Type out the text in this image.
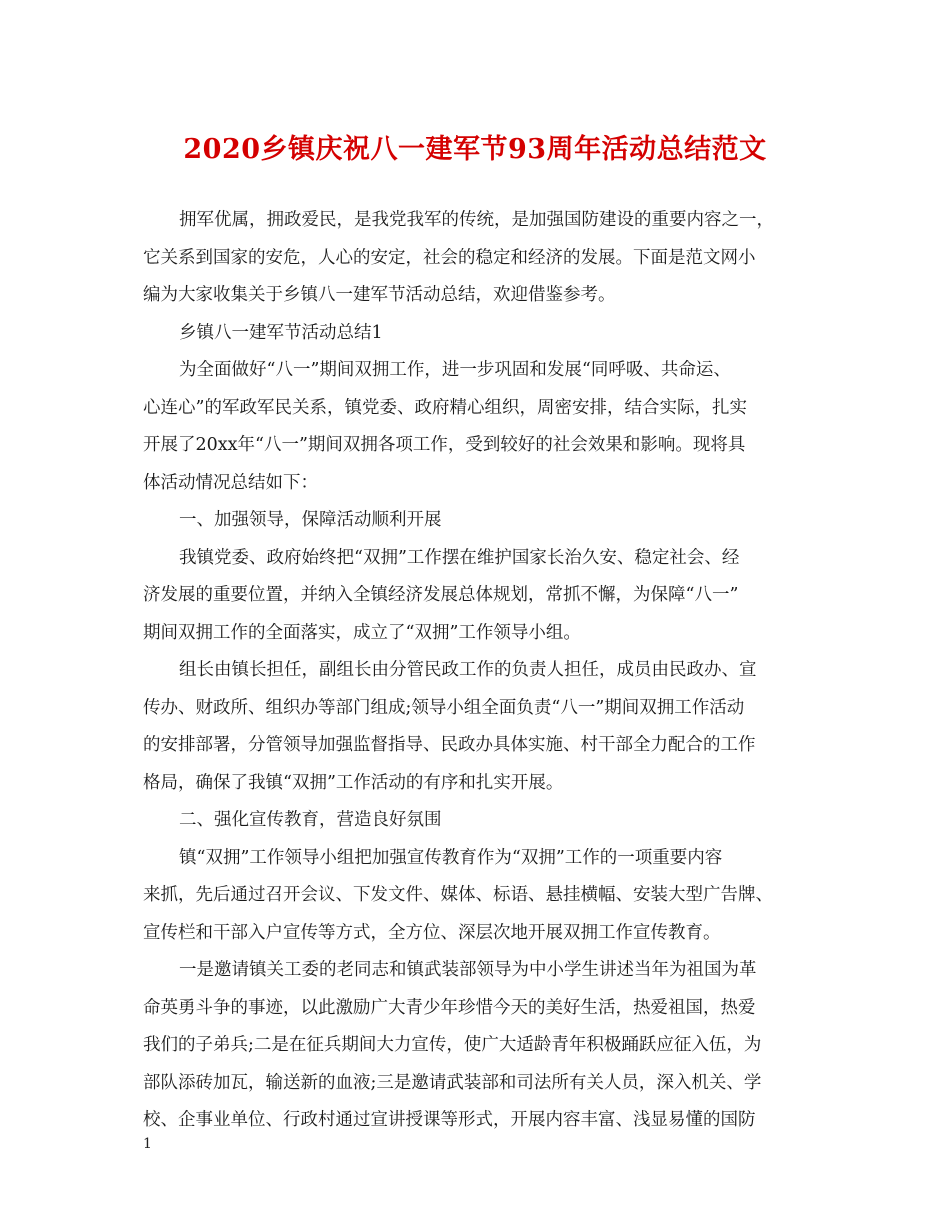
2020乡镇庆祝八一建军节93周年活动总结范文
拥军优属，拥政爱民，是我党我军的传统，是加强国防建设的重要内容之一，
它关系到国家的安危，人心的安定，社会的稳定和经济的发展。下面是范文网小
编为大家收集关于乡镇八一建军节活动总结，欢迎借鉴参考。
乡镇八一建军节活动总结1
为全面做好“八一”期间双拥工作，进一步巩固和发展“同呼吸、共命运、
心连心”的军政军民关系，镇党委、政府精心组织，周密安排，结合实际，扎实
开展了20xx年“八一”期间双拥各项工作，受到较好的社会效果和影响。现将具
体活动情况总结如下：
一、加强领导，保障活动顺利开展
我镇党委、政府始终把“双拥”工作摆在维护国家长治久安、稳定社会、经
济发展的重要位置，并纳入全镇经济发展总体规划，常抓不懈，为保障“八一”
期间双拥工作的全面落实，成立了“双拥”工作领导小组。
组长由镇长担任，副组长由分管民政工作的负责人担任，成员由民政办、宣
传办、财政所、组织办等部门组成;领导小组全面负责“八一”期间双拥工作活动
的安排部署，分管领导加强监督指导、民政办具体实施、村干部全力配合的工作
格局，确保了我镇“双拥”工作活动的有序和扎实开展。
二、强化宣传教育，营造良好氛围
镇“双拥”工作领导小组把加强宣传教育作为“双拥”工作的一项重要内容
来抓，先后通过召开会议、下发文件、媒体、标语、悬挂横幅、安装大型广告牌、
宣传栏和干部入户宣传等方式，全方位、深层次地开展双拥工作宣传教育。
一是邀请镇关工委的老同志和镇武装部领导为中小学生讲述当年为祖国为革
命英勇斗争的事迹，以此激励广大青少年珍惜今天的美好生活，热爱祖国，热爱
我们的子弟兵;二是在征兵期间大力宣传，使广大适龄青年积极踊跃应征入伍，为
部队添砖加瓦，输送新的血液;三是邀请武装部和司法所有关人员，深入机关、学
校、企事业单位、行政村通过宣讲授课等形式，开展内容丰富、浅显易懂的国防
1
